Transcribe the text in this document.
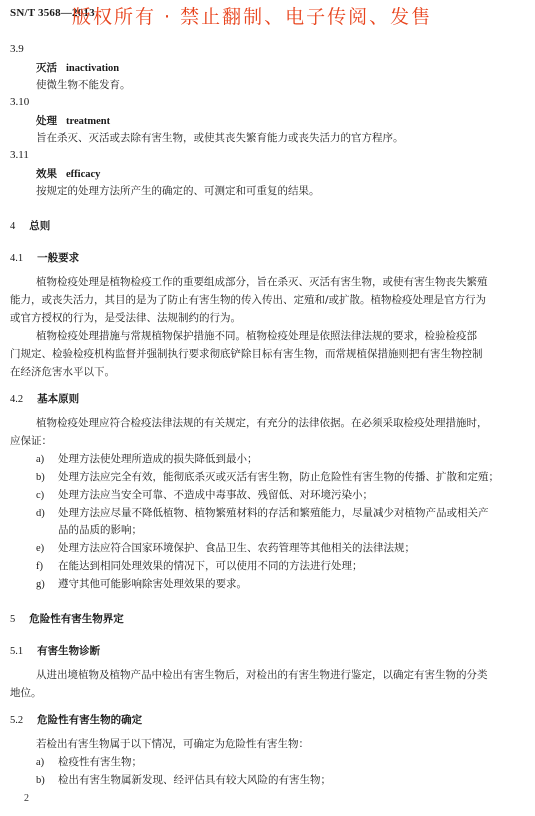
SN/T 3568—2013
版权所有 · 禁止翻制、电子传阅、发售
3.9
灭活 inactivation
使微生物不能发育。
3.10
处理 treatment
旨在杀灭、灭活或去除有害生物，或使其丧失繁育能力或丧失活力的官方程序。
3.11
效果 efficacy
按规定的处理方法所产生的确定的、可测定和可重复的结果。
4 总则
4.1 一般要求
植物检疫处理是植物检疫工作的重要组成部分，旨在杀灭、灭活有害生物，或使有害生物丧失繁殖
能力，或丧失活力，其目的是为了防止有害生物的传入传出、定殖和/或扩散。植物检疫处理是官方行为
或官方授权的行为，是受法律、法规制约的行为。
植物检疫处理措施与常规植物保护措施不同。植物检疫处理是依照法律法规的要求，检验检疫部
门规定、检验检疫机构监督并强制执行要求彻底铲除目标有害生物，而常规植保措施则把有害生物控制
在经济危害水平以下。
4.2 基本原则
植物检疫处理应符合检疫法律法规的有关规定，有充分的法律依据。在必须采取检疫处理措施时，
应保证：
a) 处理方法使处理所造成的损失降低到最小；
b) 处理方法应完全有效，能彻底杀灭或灭活有害生物，防止危险性有害生物的传播、扩散和定殖；
c) 处理方法应当安全可靠、不造成中毒事故、残留低、对环境污染小；
d) 处理方法应尽量不降低植物、植物繁殖材料的存活和繁殖能力，尽量减少对植物产品或相关产
品的品质的影响；
e) 处理方法应符合国家环境保护、食品卫生、农药管理等其他相关的法律法规；
f) 在能达到相同处理效果的情况下，可以使用不同的方法进行处理；
g) 遵守其他可能影响除害处理效果的要求。
5 危险性有害生物界定
5.1 有害生物诊断
从进出境植物及植物产品中检出有害生物后，对检出的有害生物进行鉴定，以确定有害生物的分类
地位。
5.2 危险性有害生物的确定
若检出有害生物属于以下情况，可确定为危险性有害生物：
a) 检疫性有害生物；
b) 检出有害生物属新发现、经评估具有较大风险的有害生物；
2
